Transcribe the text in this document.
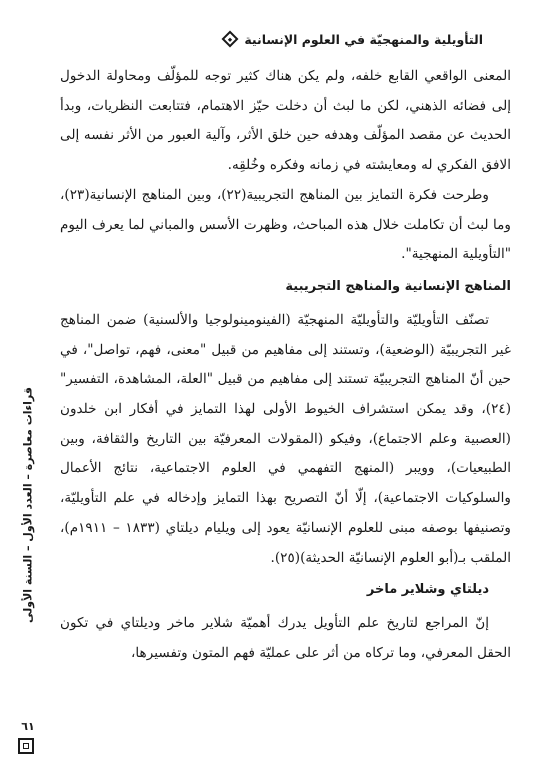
التأويلية والمنهجيّة في العلوم الإنسانية

المعنى الواقعي القابع خلفه، ولم يكن هناك كثير توجه للمؤلّف ومحاولة الدخول إلى فضائه الذهني، لكن ما لبث أن دخلت حيّز الاهتمام، فتتابعت النظريات، وبدأ الحديث عن مقصد المؤلّف وهدفه حين خلق الأثر، وآلية العبور من الأثر نفسه إلى الافق الفكري له ومعايشته في زمانه وفكره وخُلقِه.

وطرحت فكرة التمايز بين المناهج التجريبية(٢٢)، وبين المناهج الإنسانية(٢٣)، وما لبث أن تكاملت خلال هذه المباحث، وظهرت الأسس والمباني لما يعرف اليوم "التأويلية المنهجية".

المناهج الإنسانية والمناهج التجريبية

تصنّف التأويليّة والتأويليّة المنهجيّة (الفينومينولوجيا والألسنية) ضمن المناهج غير التجريبيّة (الوضعية)، وتستند إلى مفاهيم من قبيل "معنى، فهم، تواصل"، في حين أنّ المناهج التجريبيّة تستند إلى مفاهيم من قبيل "العلة، المشاهدة، التفسير"(٢٤)، وقد يمكن استشراف الخيوط الأولى لهذا التمايز في أفكار ابن خلدون (العصبية وعلم الاجتماع)، وفيكو (المقولات المعرفيّة بين التاريخ والثقافة، وبين الطبيعيات)، وويبر (المنهج التفهمي في العلوم الاجتماعية، نتائج الأعمال والسلوكيات الاجتماعية)، إلّا أنّ التصريح بهذا التمايز وإدخاله في علم التأويليّة، وتصنيفها بوصفه مبنى للعلوم الإنسانيّة يعود إلى ويليام ديلتاي (١٨٣٣ – ١٩١١م)، الملقب بـ(أبو العلوم الإنسانيّة الحديثة)(٢٥).

ديلتاي وشلاير ماخر

إنّ المراجع لتاريخ علم التأويل يدرك أهميّة شلاير ماخر وديلتاي في تكون الحقل المعرفي، وما تركاه من أثر على عمليّة فهم المتون وتفسيرها،

قراءات معاصرة – العدد الأول – السنة الأولى
٦١
